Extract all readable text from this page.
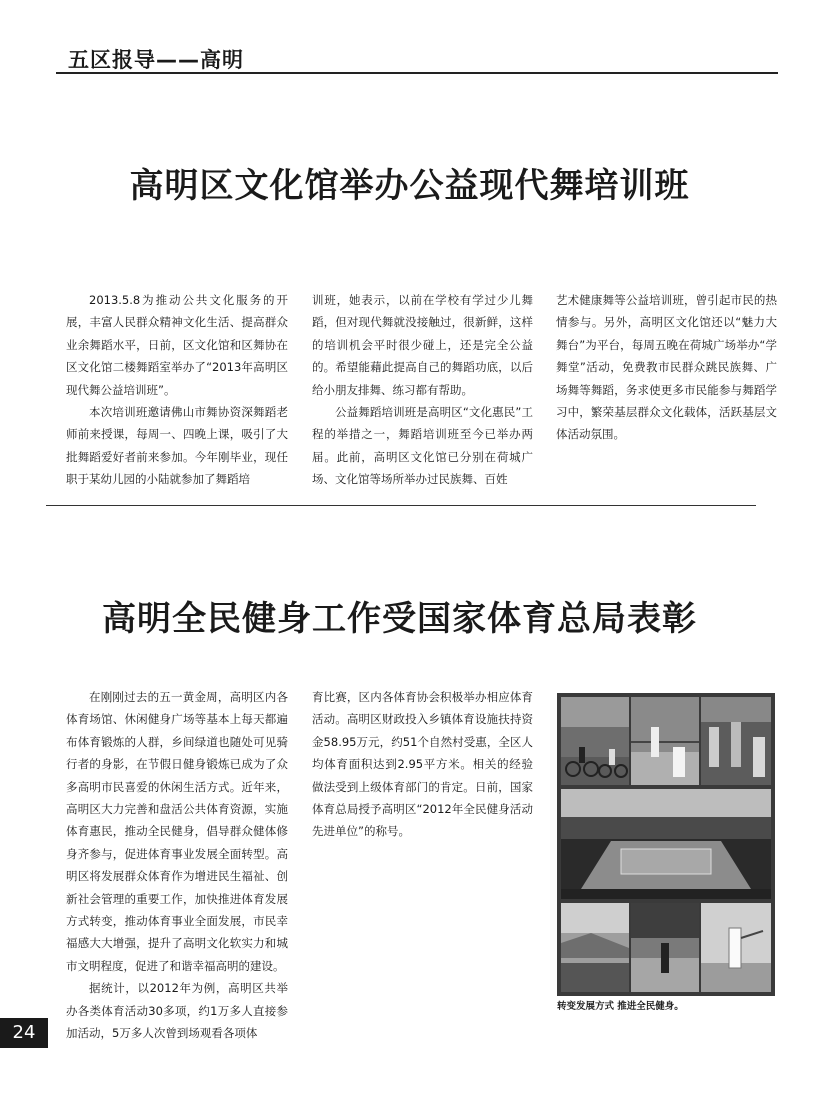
五区报导——高明
高明区文化馆举办公益现代舞培训班

2013.5.8为推动公共文化服务的开展，丰富人民群众精神文化生活、提高群众业余舞蹈水平，日前，区文化馆和区舞协在区文化馆二楼舞蹈室举办了“2013年高明区现代舞公益培训班”。

本次培训班邀请佛山市舞协资深舞蹈老师前来授课，每周一、四晚上课，吸引了大批舞蹈爱好者前来参加。今年刚毕业，现任职于某幼儿园的小陆就参加了舞蹈培

训班，她表示，以前在学校有学过少儿舞蹈，但对现代舞就没接触过，很新鲜，这样的培训机会平时很少碰上，还是完全公益的。希望能藉此提高自己的舞蹈功底，以后给小朋友排舞、练习都有帮助。

公益舞蹈培训班是高明区“文化惠民”工程的举措之一，舞蹈培训班至今已举办两届。此前，高明区文化馆已分别在荷城广场、文化馆等场所举办过民族舞、百姓

艺术健康舞等公益培训班，曾引起市民的热情参与。另外，高明区文化馆还以“魅力大舞台”为平台，每周五晚在荷城广场举办“学舞堂”活动，免费教市民群众跳民族舞、广场舞等舞蹈，务求使更多市民能参与舞蹈学习中，繁荣基层群众文化载体，活跃基层文体活动氛围。

高明全民健身工作受国家体育总局表彰

在刚刚过去的五一黄金周，高明区内各体育场馆、休闲健身广场等基本上每天都遍布体育锻炼的人群，乡间绿道也随处可见骑行者的身影，在节假日健身锻炼已成为了众多高明市民喜爱的休闲生活方式。近年来，高明区大力完善和盘活公共体育资源，实施体育惠民，推动全民健身，倡导群众健体修身齐参与，促进体育事业发展全面转型。高明区将发展群众体育作为增进民生福祉、创新社会管理的重要工作，加快推进体育发展方式转变，推动体育事业全面发展，市民幸福感大大增强，提升了高明文化软实力和城市文明程度，促进了和谐幸福高明的建设。

据统计，以2012年为例，高明区共举办各类体育活动30多项，约1万多人直接参加活动，5万多人次曾到场观看各项体

育比赛，区内各体育协会积极举办相应体育活动。高明区财政投入乡镇体育设施扶持资金58.95万元，约51个自然村受惠，全区人均体育面积达到2.95平方米。相关的经验做法受到上级体育部门的肯定。日前，国家体育总局授予高明区“2012年全民健身活动先进单位”的称号。

转变发展方式 推进全民健身。
24
